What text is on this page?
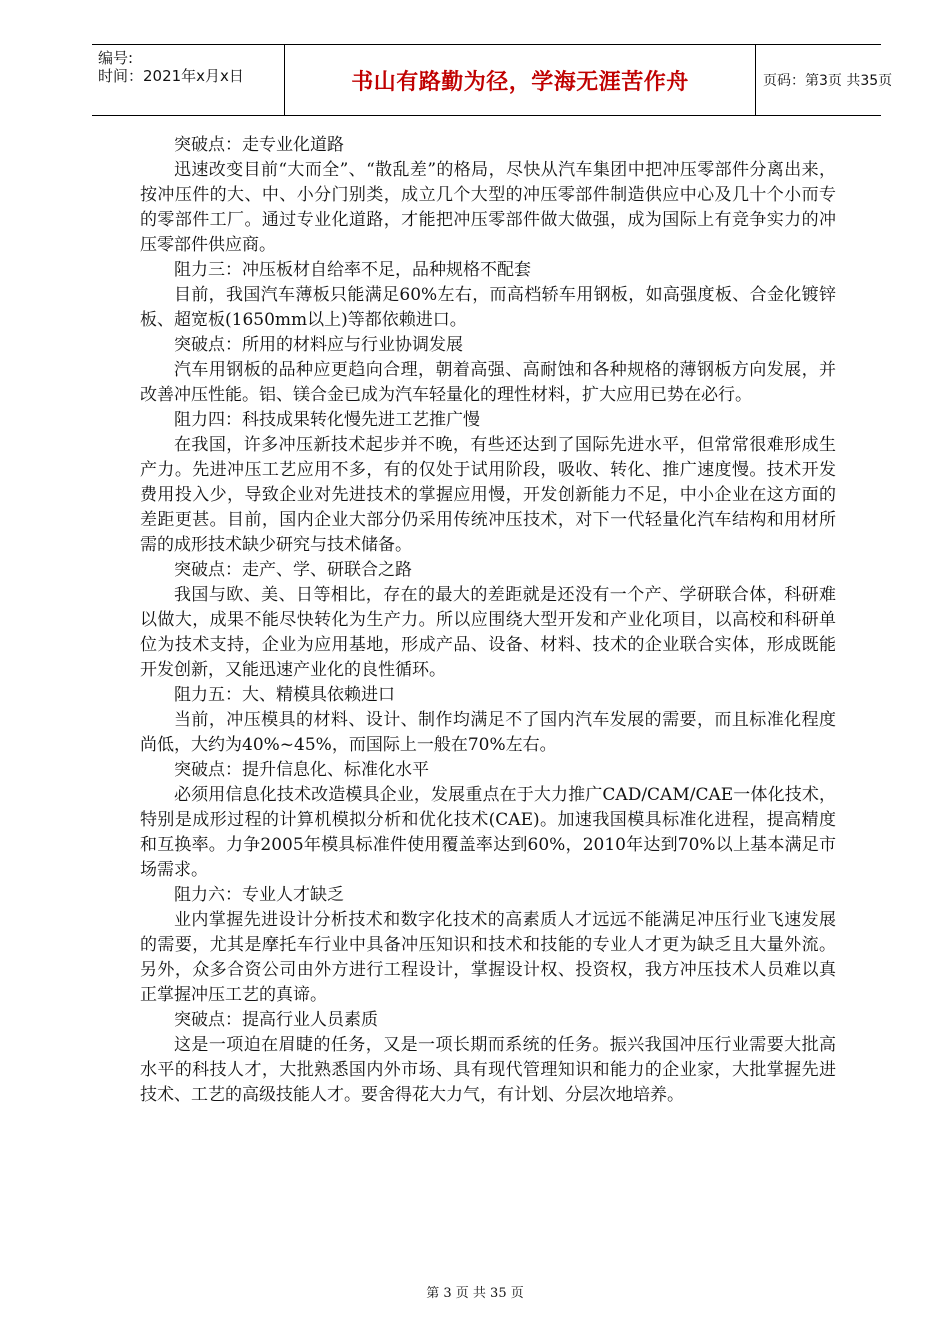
编号:
时间：2021年x月x日	书山有路勤为径，学海无涯苦作舟	页码：第3页 共35页

突破点：走专业化道路

迅速改变目前“大而全”、“散乱差”的格局，尽快从汽车集团中把冲压零部件分离出来，按冲压件的大、中、小分门别类，成立几个大型的冲压零部件制造供应中心及几十个小而专的零部件工厂。通过专业化道路，才能把冲压零部件做大做强，成为国际上有竞争实力的冲压零部件供应商。

阻力三：冲压板材自给率不足，品种规格不配套

目前，我国汽车薄板只能满足60%左右，而高档轿车用钢板，如高强度板、合金化镀锌板、超宽板(1650mm以上)等都依赖进口。

突破点：所用的材料应与行业协调发展

汽车用钢板的品种应更趋向合理，朝着高强、高耐蚀和各种规格的薄钢板方向发展，并改善冲压性能。铝、镁合金已成为汽车轻量化的理性材料，扩大应用已势在必行。

阻力四：科技成果转化慢先进工艺推广慢

在我国，许多冲压新技术起步并不晚，有些还达到了国际先进水平，但常常很难形成生产力。先进冲压工艺应用不多，有的仅处于试用阶段，吸收、转化、推广速度慢。技术开发费用投入少，导致企业对先进技术的掌握应用慢，开发创新能力不足，中小企业在这方面的差距更甚。目前，国内企业大部分仍采用传统冲压技术，对下一代轻量化汽车结构和用材所需的成形技术缺少研究与技术储备。

突破点：走产、学、研联合之路

我国与欧、美、日等相比，存在的最大的差距就是还没有一个产、学研联合体，科研难以做大，成果不能尽快转化为生产力。所以应围绕大型开发和产业化项目，以高校和科研单位为技术支持，企业为应用基地，形成产品、设备、材料、技术的企业联合实体，形成既能开发创新，又能迅速产业化的良性循环。

阻力五：大、精模具依赖进口

当前，冲压模具的材料、设计、制作均满足不了国内汽车发展的需要，而且标准化程度尚低，大约为40%~45%，而国际上一般在70%左右。

突破点：提升信息化、标准化水平

必须用信息化技术改造模具企业，发展重点在于大力推广CAD/CAM/CAE一体化技术，特别是成形过程的计算机模拟分析和优化技术(CAE)。加速我国模具标准化进程，提高精度和互换率。力争2005年模具标准件使用覆盖率达到60%，2010年达到70%以上基本满足市场需求。

阻力六：专业人才缺乏

业内掌握先进设计分析技术和数字化技术的高素质人才远远不能满足冲压行业飞速发展的需要，尤其是摩托车行业中具备冲压知识和技术和技能的专业人才更为缺乏且大量外流。另外，众多合资公司由外方进行工程设计，掌握设计权、投资权，我方冲压技术人员难以真正掌握冲压工艺的真谛。

突破点：提高行业人员素质

这是一项迫在眉睫的任务，又是一项长期而系统的任务。振兴我国冲压行业需要大批高水平的科技人才，大批熟悉国内外市场、具有现代管理知识和能力的企业家，大批掌握先进技术、工艺的高级技能人才。要舍得花大力气，有计划、分层次地培养。

第 3 页 共 35 页
